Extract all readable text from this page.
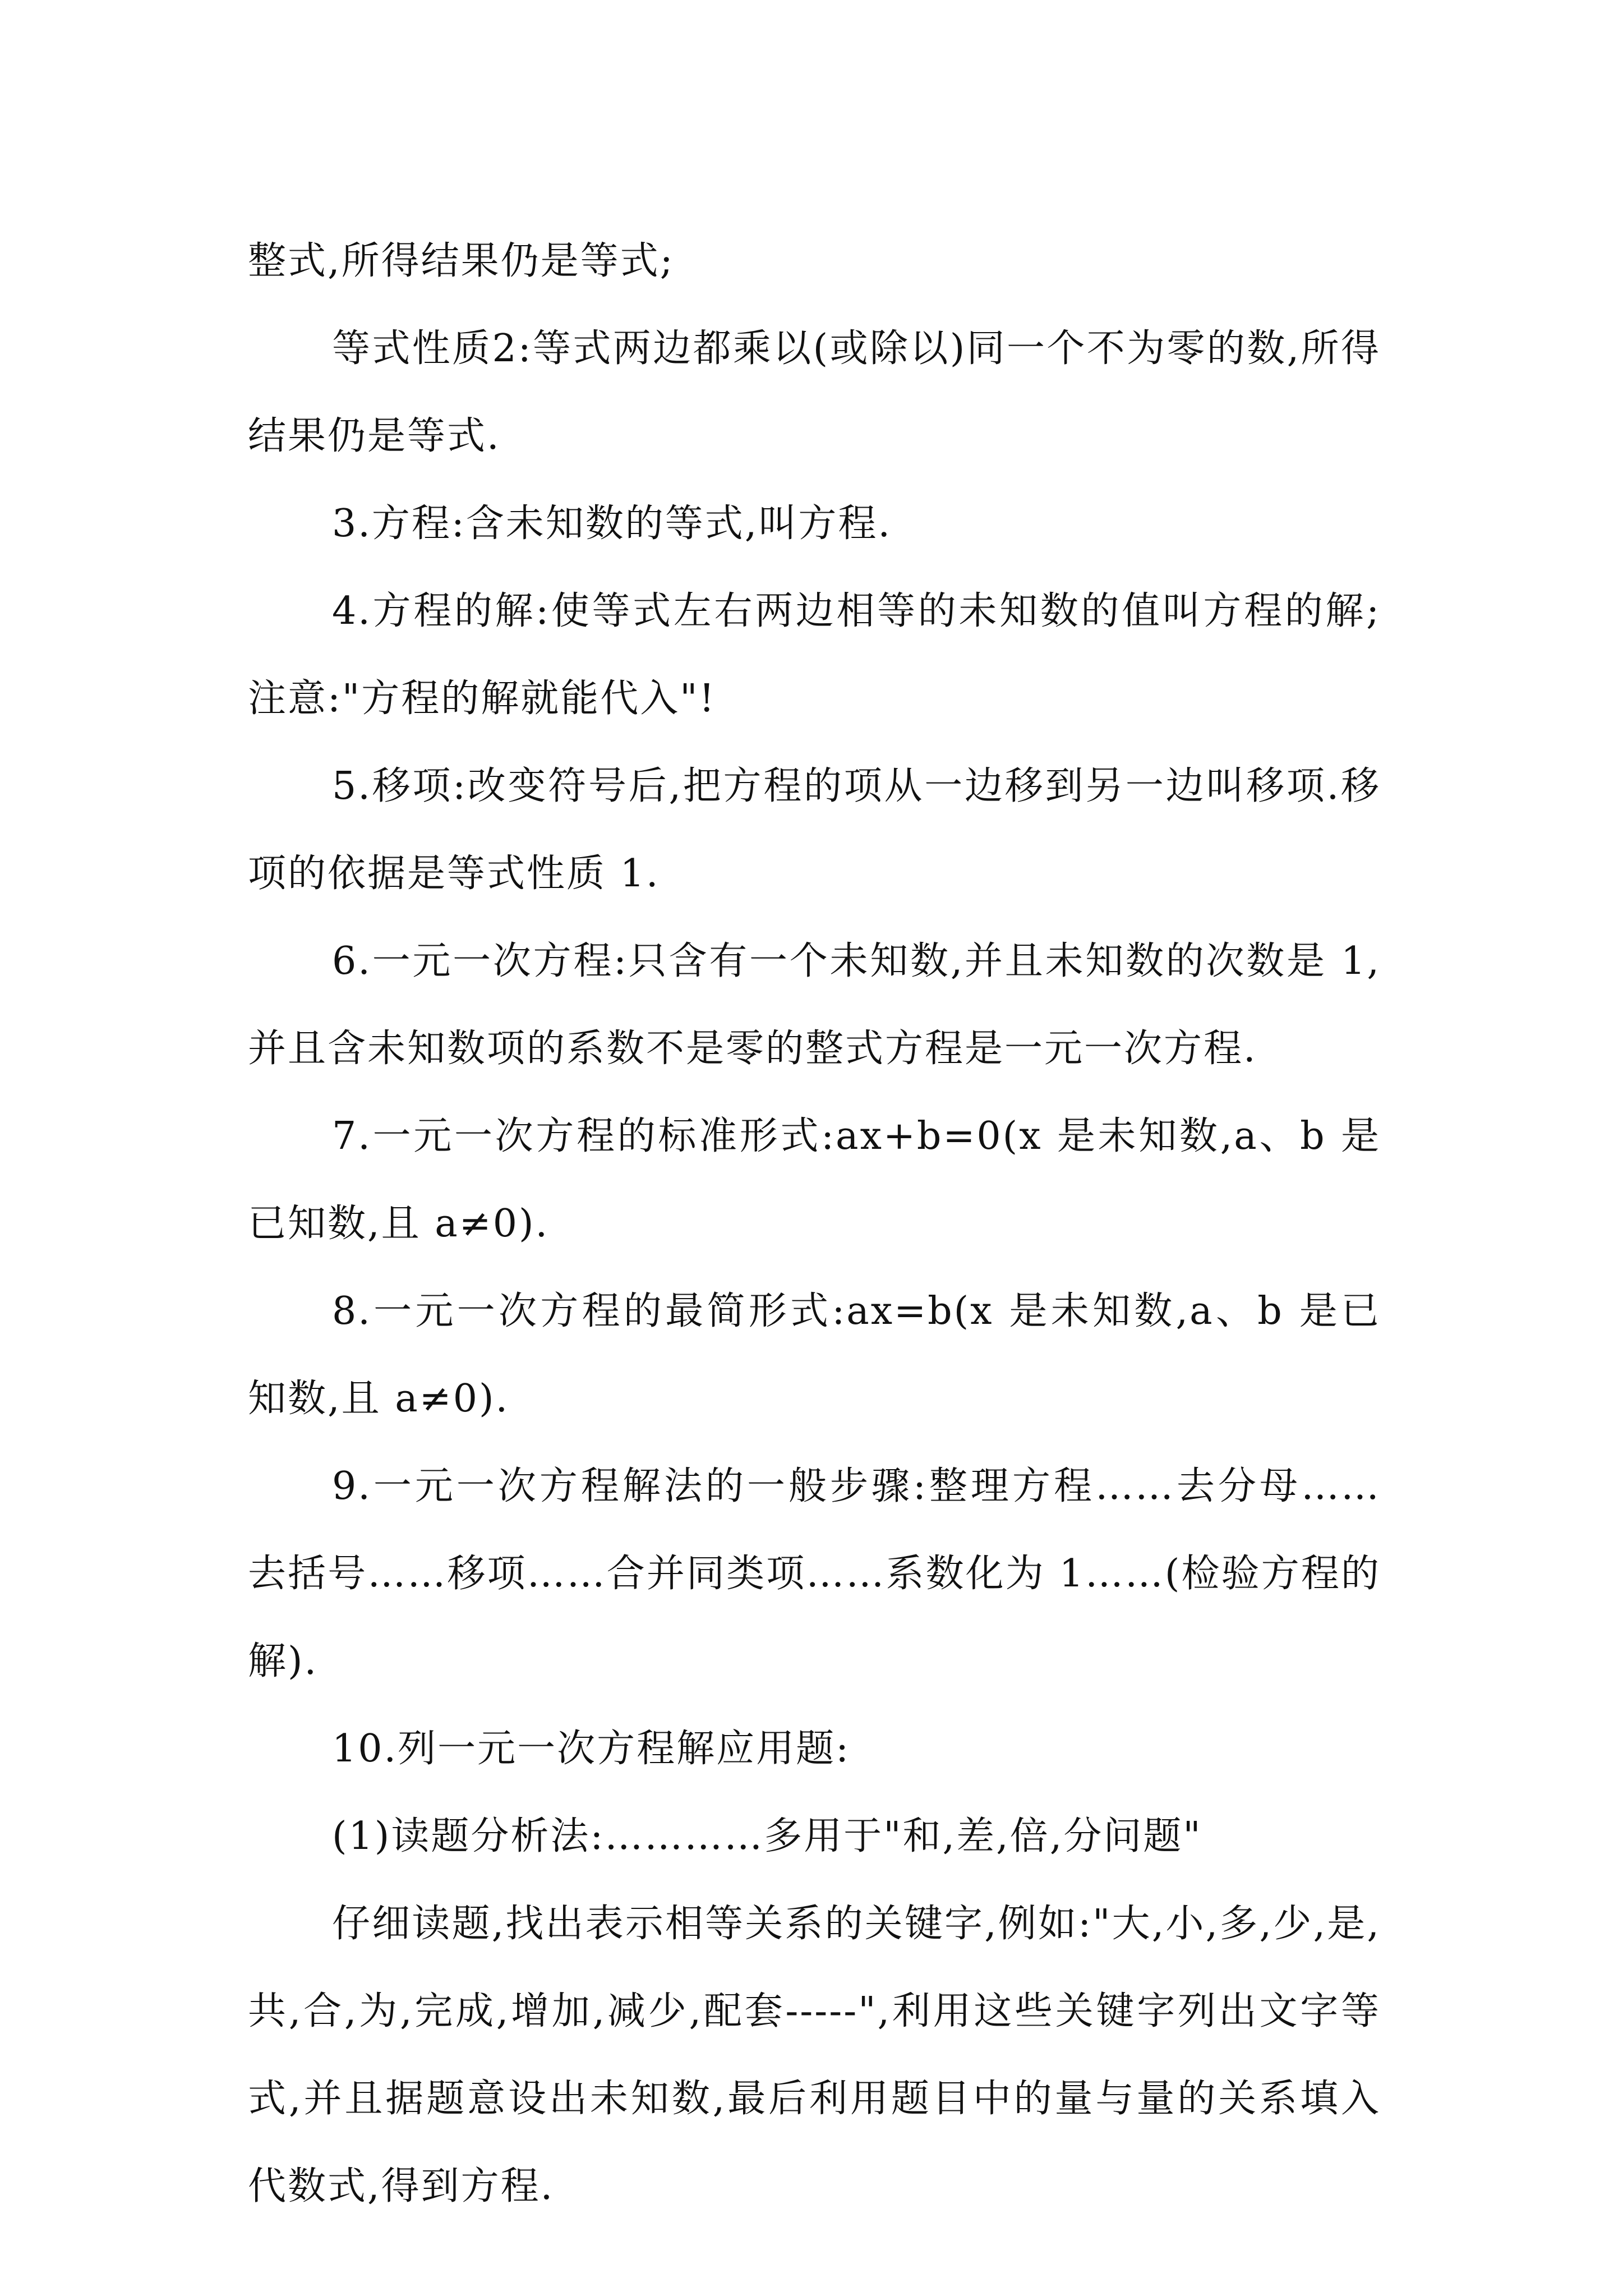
整式,所得结果仍是等式;

等式性质2:等式两边都乘以(或除以)同一个不为零的数,所得结果仍是等式.

3.方程:含未知数的等式,叫方程.

4.方程的解:使等式左右两边相等的未知数的值叫方程的解;注意:"方程的解就能代入"!

5.移项:改变符号后,把方程的项从一边移到另一边叫移项.移项的依据是等式性质 1.

6.一元一次方程:只含有一个未知数,并且未知数的次数是 1,并且含未知数项的系数不是零的整式方程是一元一次方程.

7.一元一次方程的标准形式:ax+b=0(x 是未知数,a、b 是已知数,且 a≠0).

8.一元一次方程的最简形式:ax=b(x 是未知数,a、b 是已知数,且 a≠0).

9.一元一次方程解法的一般步骤:整理方程……去分母……去括号……移项……合并同类项……系数化为 1……(检验方程的解).

10.列一元一次方程解应用题:

(1)读题分析法:…………多用于"和,差,倍,分问题"

仔细读题,找出表示相等关系的关键字,例如:"大,小,多,少,是,共,合,为,完成,增加,减少,配套-----",利用这些关键字列出文字等式,并且据题意设出未知数,最后利用题目中的量与量的关系填入代数式,得到方程.
